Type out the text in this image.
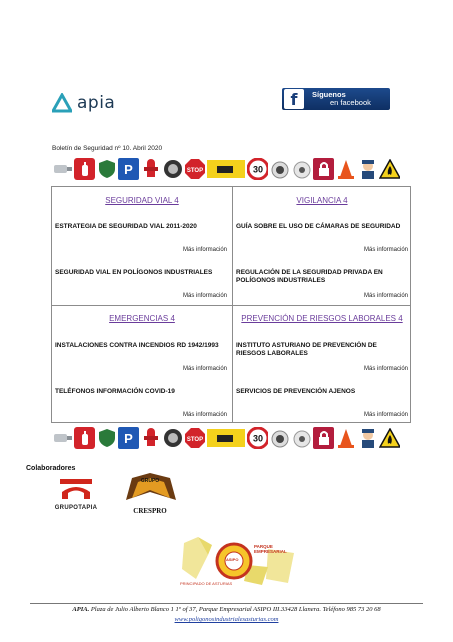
apia	f	Síguenos
en facebook
Boletín de Seguridad nº 10. Abril 2020
P	STOP	30
SEGURIDAD VIAL 4
ESTRATEGIA DE SEGURIDAD VIAL 2011-2020
Más información
SEGURIDAD VIAL EN POLÍGONOS INDUSTRIALES
Más información
VIGILANCIA 4
GUÍA SOBRE EL USO DE CÁMARAS DE SEGURIDAD
Más información
REGULACIÓN DE LA SEGURIDAD PRIVADA EN POLÍGONOS INDUSTRIALES
Más información
EMERGENCIAS 4
INSTALACIONES CONTRA INCENDIOS RD 1942/1993
Más información
TELÉFONOS INFORMACIÓN COVID-19
Más información
PREVENCIÓN DE RIESGOS LABORALES 4
INSTITUTO ASTURIANO DE PREVENCIÓN DE RIESGOS LABORALES
Más información
SERVICIOS DE PREVENCIÓN AJENOS
Más información
P	STOP	30
Colaboradores
GRUPOTAPIA
GRUPO
CRESPRO
ASIPO
PARQUE EMPRESARIAL
PRINCIPADO DE ASTURIAS
APIA. Plaza de Julio Alberto Blanco 1 1º of 37, Parque Empresarial ASIPO III.33428 Llanera. Teléfono 985 73 20 68
www.poligonosindustrialesasturias.com
